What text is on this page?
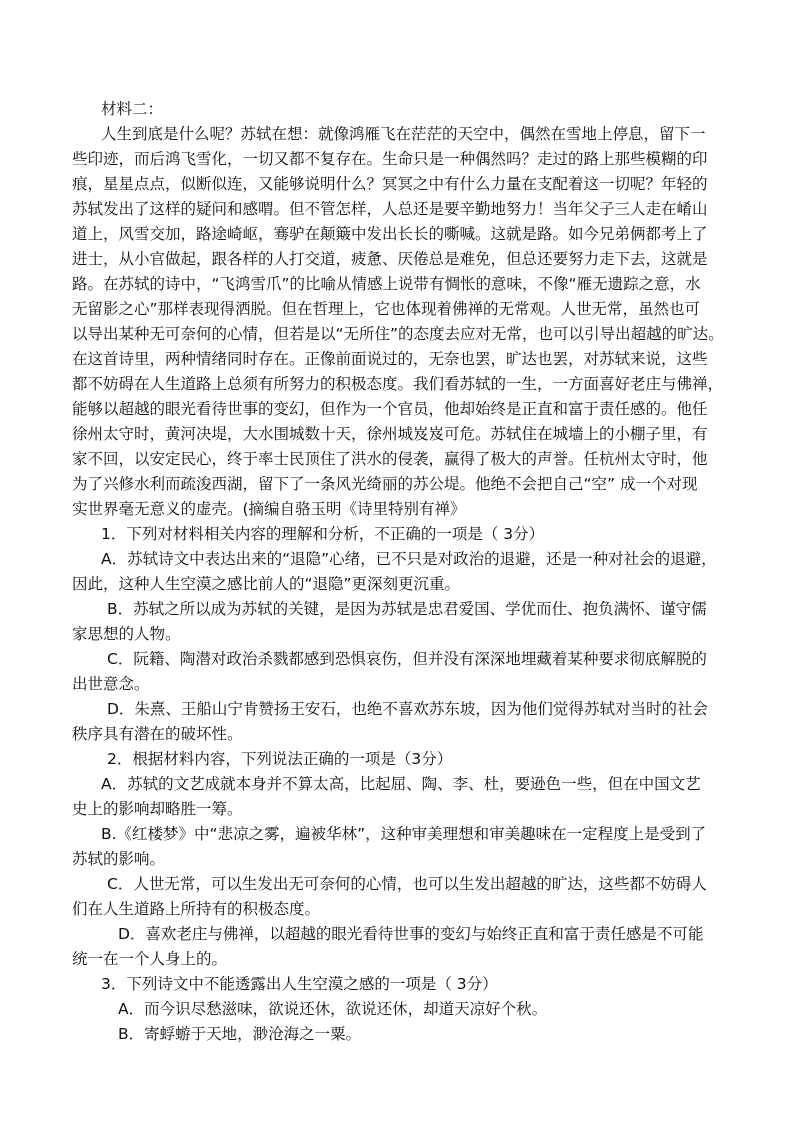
材料二：
人生到底是什么呢？苏轼在想：就像鸿雁飞在茫茫的天空中，偶然在雪地上停息，留下一
些印迹，而后鸿飞雪化，一切又都不复存在。生命只是一种偶然吗？走过的路上那些模糊的印
痕，星星点点，似断似连，又能够说明什么？冥冥之中有什么力量在支配着这一切呢？年轻的
苏轼发出了这样的疑问和感喟。但不管怎样，人总还是要辛勤地努力！当年父子三人走在崤山
道上，风雪交加，路途崎岖，骞驴在颠簸中发出长长的嘶喊。这就是路。如今兄弟俩都考上了
进士，从小官做起，跟各样的人打交道，疲惫、厌倦总是难免，但总还要努力走下去，这就是
路。在苏轼的诗中，“飞鸿雪爪”的比喻从情感上说带有惆怅的意味，不像“雁无遗踪之意，水
无留影之心”那样表现得洒脱。但在哲理上，它也体现着佛禅的无常观。人世无常，虽然也可
以导出某种无可奈何的心情，但若是以“无所住”的态度去应对无常，也可以引导出超越的旷达。
在这首诗里，两种情绪同时存在。正像前面说过的，无奈也罢，旷达也罢，对苏轼来说，这些
都不妨碍在人生道路上总须有所努力的积极态度。我们看苏轼的一生，一方面喜好老庄与佛禅，
能够以超越的眼光看待世事的变幻，但作为一个官员，他却始终是正直和富于责任感的。他任
徐州太守时，黄河决堤，大水围城数十天，徐州城岌岌可危。苏轼住在城墙上的小棚子里，有
家不回，以安定民心，终于率士民顶住了洪水的侵袭，赢得了极大的声誉。任杭州太守时，他
为了兴修水利而疏浚西湖，留下了一条风光绮丽的苏公堤。他绝不会把自己“空” 成一个对现
实世界毫无意义的虚壳。(摘编自骆玉明《诗里特别有禅》
1．下列对材料相关内容的理解和分析，不正确的一项是（ 3分）
A．苏轼诗文中表达出来的“退隐”心绪，已不只是对政治的退避，还是一种对社会的退避，
因此，这种人生空漠之感比前人的“退隐”更深刻更沉重。
B．苏轼之所以成为苏轼的关键，是因为苏轼是忠君爱国、学优而仕、抱负满怀、谨守儒
家思想的人物。
C．阮籍、陶潜对政治杀戮都感到恐惧哀伤，但并没有深深地埋藏着某种要求彻底解脱的
出世意念。
D．朱熹、王船山宁肯赞扬王安石，也绝不喜欢苏东坡，因为他们觉得苏轼对当时的社会
秩序具有潜在的破坏性。
2．根据材料内容，下列说法正确的一项是（3分）
A．苏轼的文艺成就本身并不算太高，比起屈、陶、李、杜，要逊色一些，但在中国文艺
史上的影响却略胜一筹。
B.《红楼梦》中“悲凉之雾，遍被华林”，这种审美理想和审美趣味在一定程度上是受到了
苏轼的影响。
C．人世无常，可以生发出无可奈何的心情，也可以生发出超越的旷达，这些都不妨碍人
们在人生道路上所持有的积极态度。
D．喜欢老庄与佛禅，以超越的眼光看待世事的变幻与始终正直和富于责任感是不可能
统一在一个人身上的。
3．下列诗文中不能透露出人生空漠之感的一项是（ 3分）
A．而今识尽愁滋味，欲说还休，欲说还休，却道天凉好个秋。
B．寄蜉蝣于天地，渺沧海之一粟。
